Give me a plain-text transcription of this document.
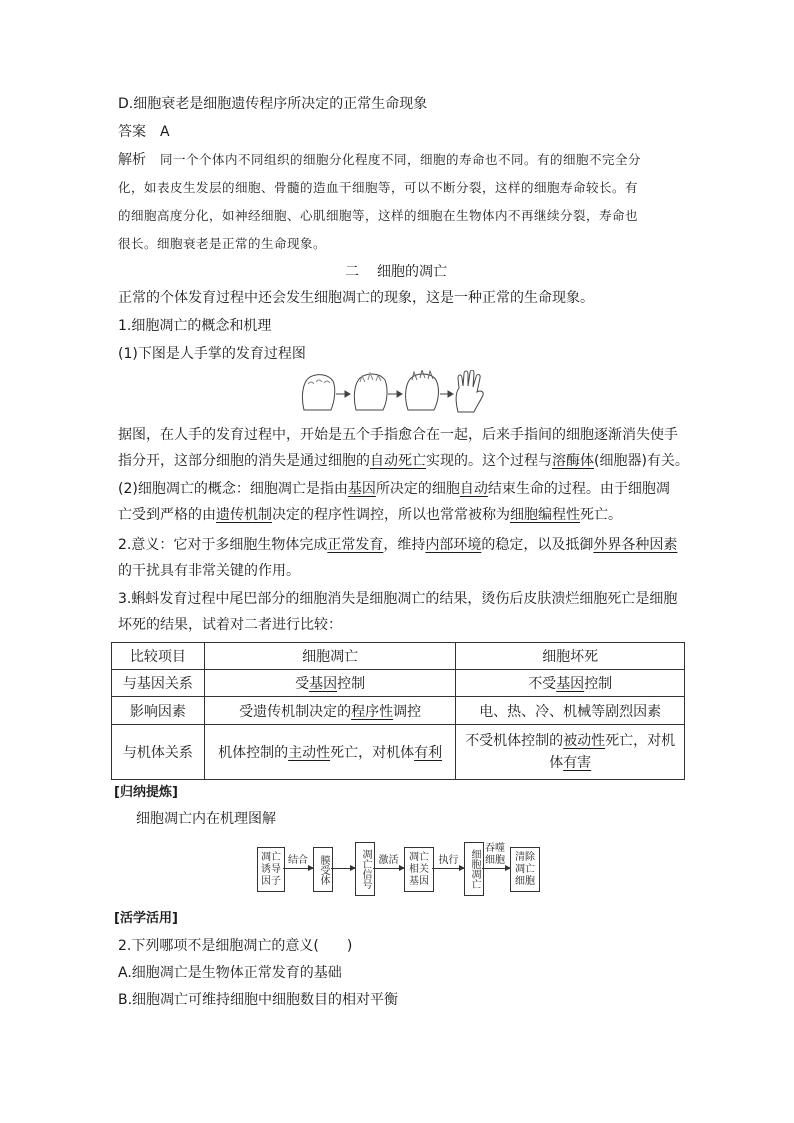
D.细胞衰老是细胞遗传程序所决定的正常生命现象
答案 A
解析 同一个个体内不同组织的细胞分化程度不同，细胞的寿命也不同。有的细胞不完全分
化，如表皮生发层的细胞、骨髓的造血干细胞等，可以不断分裂，这样的细胞寿命较长。有
的细胞高度分化，如神经细胞、心肌细胞等，这样的细胞在生物体内不再继续分裂，寿命也
很长。细胞衰老是正常的生命现象。
二 细胞的凋亡
正常的个体发育过程中还会发生细胞凋亡的现象，这是一种正常的生命现象。
1.细胞凋亡的概念和机理
(1)下图是人手掌的发育过程图
据图，在人手的发育过程中，开始是五个手指愈合在一起，后来手指间的细胞逐渐消失使手
指分开，这部分细胞的消失是通过细胞的自动死亡实现的。这个过程与溶酶体(细胞器)有关。
(2)细胞凋亡的概念：细胞凋亡是指由基因所决定的细胞自动结束生命的过程。由于细胞凋
亡受到严格的由遗传机制决定的程序性调控，所以也常常被称为细胞编程性死亡。
2.意义：它对于多细胞生物体完成正常发育，维持内部环境的稳定，以及抵御外界各种因素
的干扰具有非常关键的作用。
3.蝌蚪发育过程中尾巴部分的细胞消失是细胞凋亡的结果，烫伤后皮肤溃烂细胞死亡是细胞
坏死的结果，试着对二者进行比较：
比较项目	细胞凋亡	细胞坏死
与基因关系	受基因控制	不受基因控制
影响因素	受遗传机制决定的程序性调控	电、热、冷、机械等剧烈因素
与机体关系	机体控制的主动性死亡，对机体有利	不受机体控制的被动性死亡，对机
体有害
[归纳提炼]
细胞凋亡内在机理图解
凋亡诱导因子
结合	膜受体	凋亡信号 激活	凋亡相关基因
执行	细胞凋亡
吞噬细胞	清除凋亡细胞
[活学活用]
2.下列哪项不是细胞凋亡的意义(　　)
A.细胞凋亡是生物体正常发育的基础
B.细胞凋亡可维持细胞中细胞数目的相对平衡
